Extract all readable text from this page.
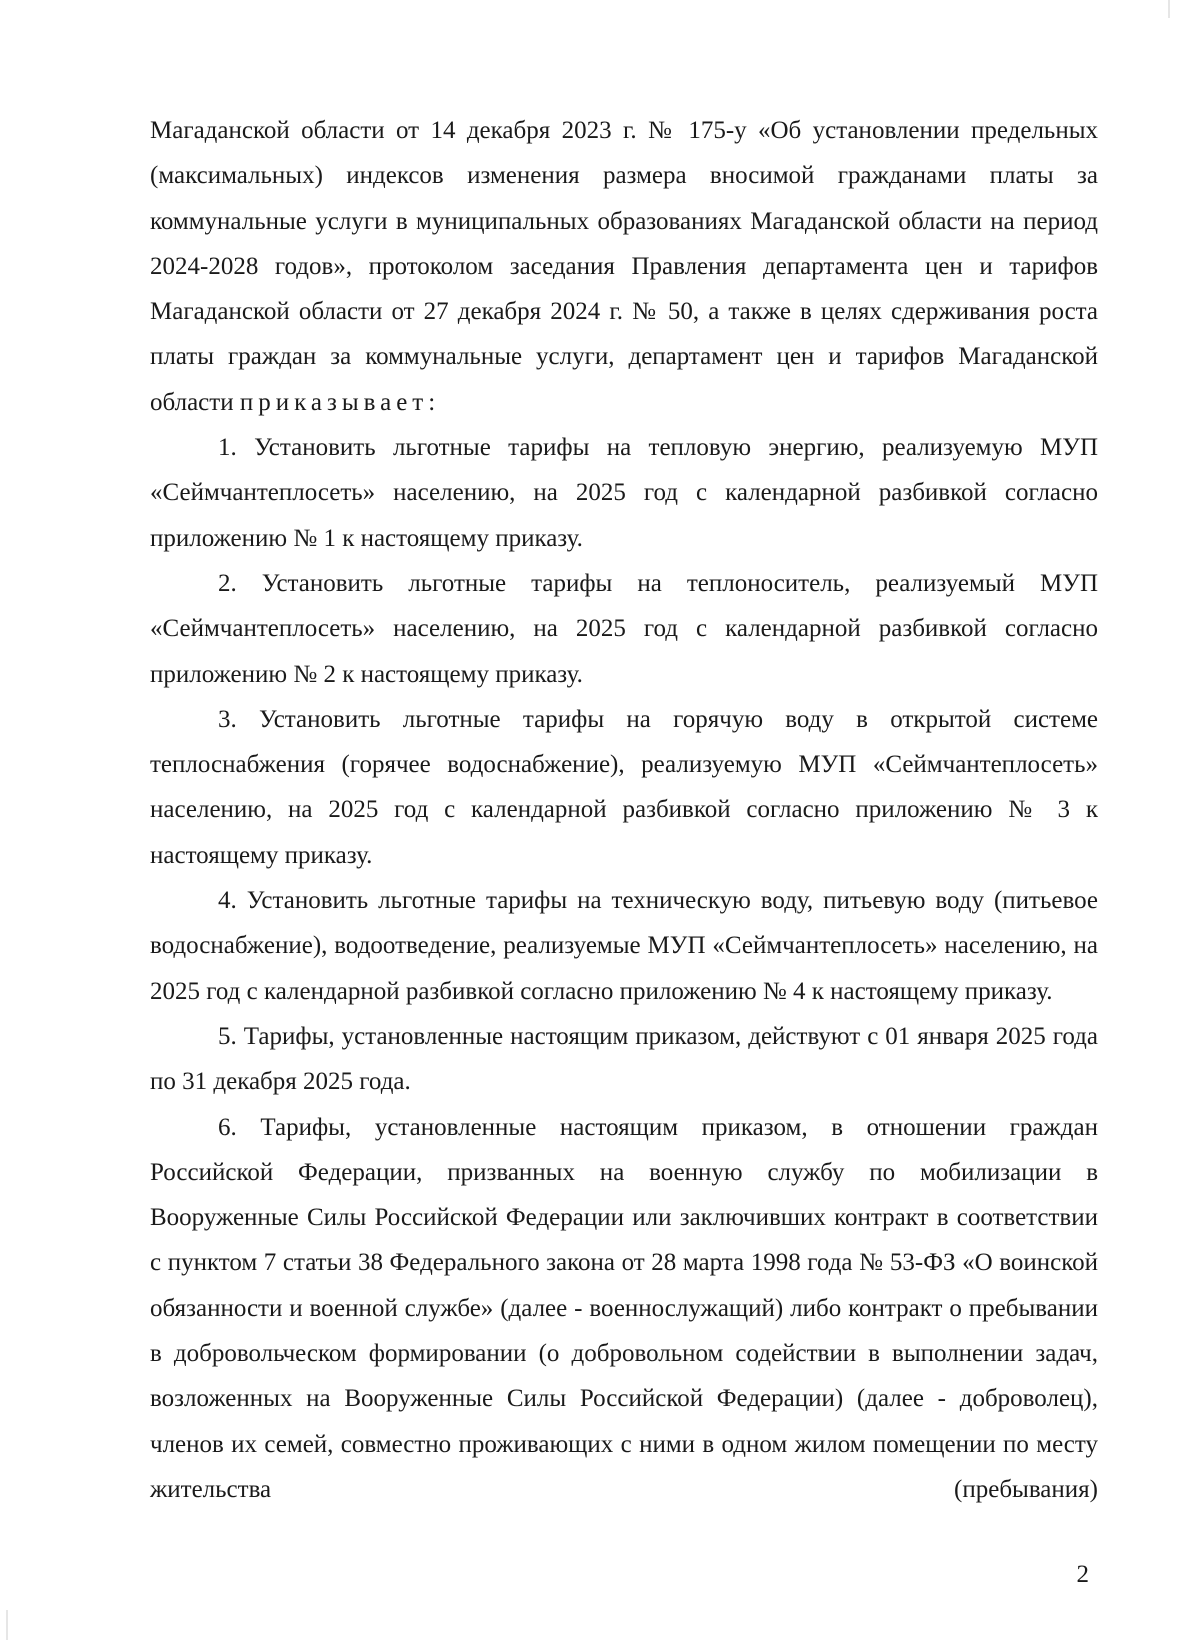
Магаданской области от 14 декабря 2023 г. № 175-у «Об установлении предельных (максимальных) индексов изменения размера вносимой гражданами платы за коммунальные услуги в муниципальных образованиях Магаданской области на период 2024-2028 годов», протоколом заседания Правления департамента цен и тарифов Магаданской области от 27 декабря 2024 г. № 50, а также в целях сдерживания роста платы граждан за коммунальные услуги, департамент цен и тарифов Магаданской области приказывает:

1. Установить льготные тарифы на тепловую энергию, реализуемую МУП «Сеймчантеплосеть» населению, на 2025 год с календарной разбивкой согласно приложению № 1 к настоящему приказу.

2. Установить льготные тарифы на теплоноситель, реализуемый МУП «Сеймчантеплосеть» населению, на 2025 год с календарной разбивкой согласно приложению № 2 к настоящему приказу.

3. Установить льготные тарифы на горячую воду в открытой системе теплоснабжения (горячее водоснабжение), реализуемую МУП «Сеймчантеплосеть» населению, на 2025 год с календарной разбивкой согласно приложению № 3 к настоящему приказу.

4. Установить льготные тарифы на техническую воду, питьевую воду (питьевое водоснабжение), водоотведение, реализуемые МУП «Сеймчантеплосеть» населению, на 2025 год с календарной разбивкой согласно приложению № 4 к настоящему приказу.

5. Тарифы, установленные настоящим приказом, действуют с 01 января 2025 года по 31 декабря 2025 года.

6. Тарифы, установленные настоящим приказом, в отношении граждан Российской Федерации, призванных на военную службу по мобилизации в Вооруженные Силы Российской Федерации или заключивших контракт в соответствии с пунктом 7 статьи 38 Федерального закона от 28 марта 1998 года № 53-ФЗ «О воинской обязанности и военной службе» (далее - военнослужащий) либо контракт о пребывании в добровольческом формировании (о добровольном содействии в выполнении задач, возложенных на Вооруженные Силы Российской Федерации) (далее - доброволец), членов их семей, совместно проживающих с ними в одном жилом помещении по месту жительства (пребывания)

2
